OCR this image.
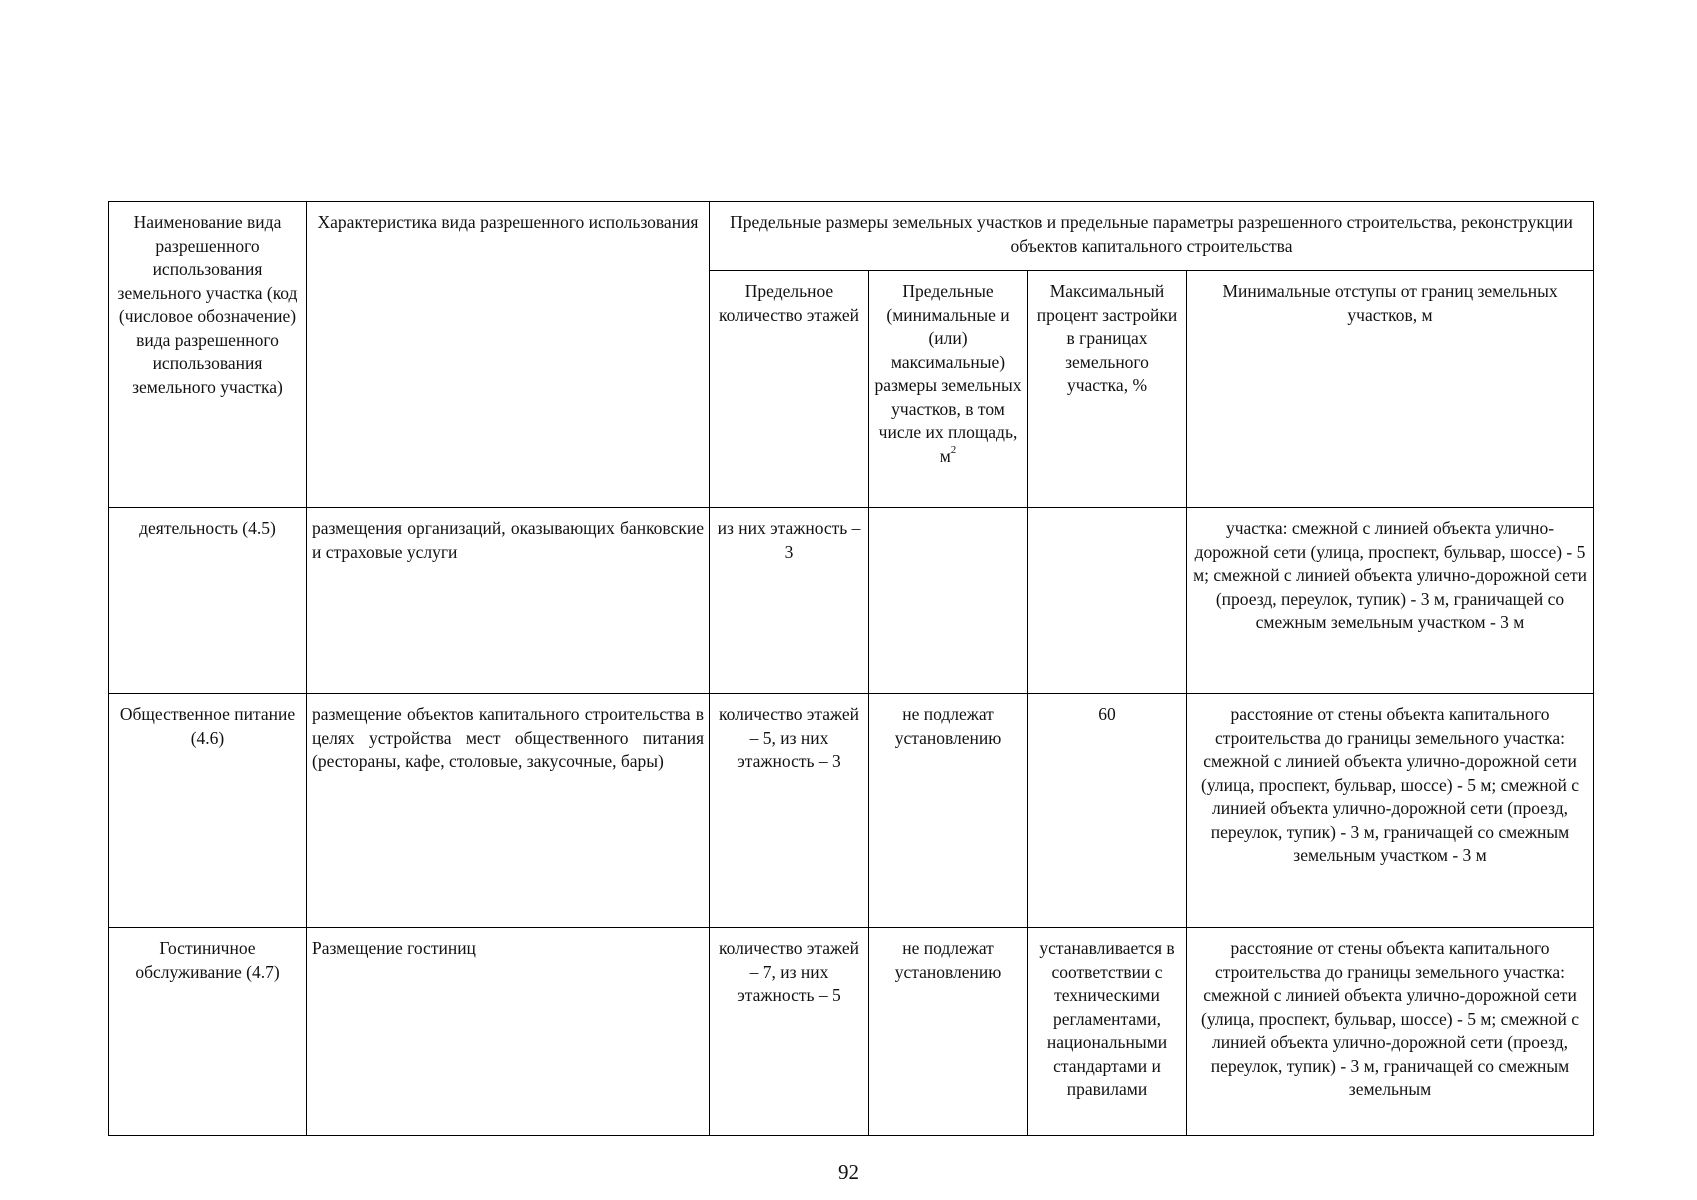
Наименование вида разрешенного использования земельного участка (код (числовое обозначение) вида разрешенного использования земельного участка)	Характеристика вида разрешенного использования	Предельные размеры земельных участков и предельные параметры разрешенного строительства, реконструкции объектов капитального строительства			
		Предельное количество этажей	Предельные (минимальные и (или) максимальные) размеры земельных участков, в том числе их площадь, $м^2$	Максимальный процент застройки в границах земельного участка, %	Минимальные отступы от границ земельных участков, м
деятельность (4.5)	размещения организаций, оказывающих банковские и страховые услуги	из них этажность – 3			участка: смежной с линией объекта улично-дорожной сети (улица, проспект, бульвар, шоссе) - 5 м; смежной с линией объекта улично-дорожной сети (проезд, переулок, тупик) - 3 м, граничащей со смежным земельным участком - 3 м
Общественное питание (4.6)	размещение объектов капитального строительства в целях устройства мест общественного питания (рестораны, кафе, столовые, закусочные, бары)	количество этажей – 5, из них этажность – 3	не подлежат установлению	60	расстояние от стены объекта капитального строительства до границы земельного участка: смежной с линией объекта улично-дорожной сети (улица, проспект, бульвар, шоссе) - 5 м; смежной с линией объекта улично-дорожной сети (проезд, переулок, тупик) - 3 м, граничащей со смежным земельным участком - 3 м
Гостиничное обслуживание (4.7)	Размещение гостиниц	количество этажей – 7, из них этажность – 5	не подлежат установлению	устанавливается в соответствии с техническими регламентами, национальными стандартами и правилами	расстояние от стены объекта капитального строительства до границы земельного участка: смежной с линией объекта улично-дорожной сети (улица, проспект, бульвар, шоссе) - 5 м; смежной с линией объекта улично-дорожной сети (проезд, переулок, тупик) - 3 м, граничащей со смежным земельным
92
